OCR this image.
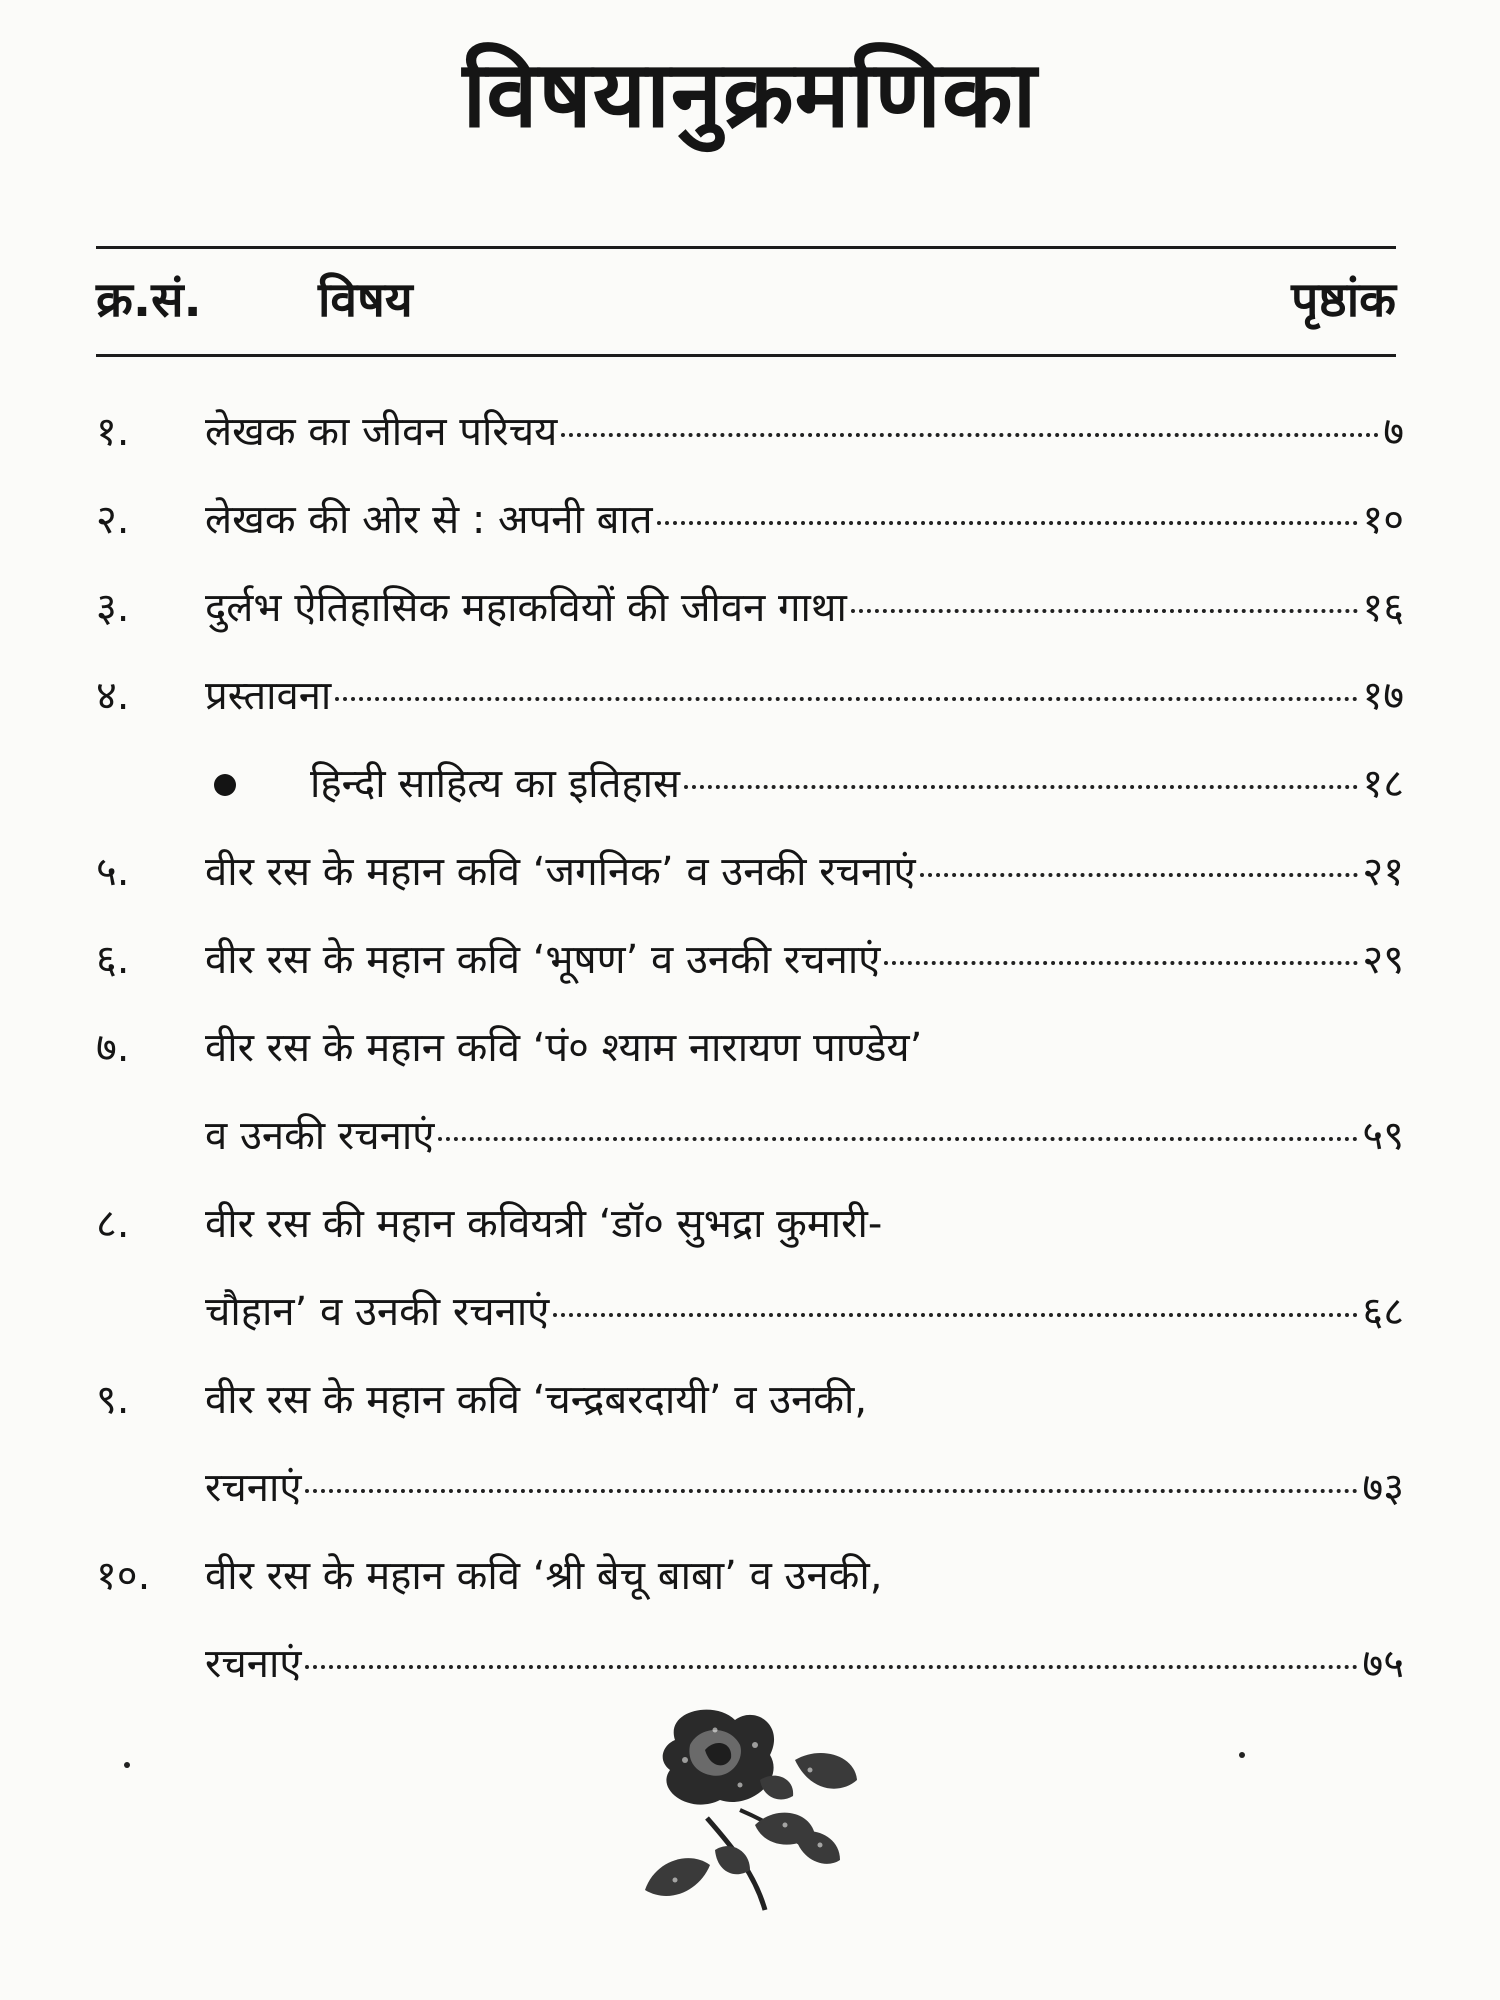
विषयानुक्रमणिका
क्र.सं. विषय	पृष्ठांक
१. लेखक का जीवन परिचय	७
२. लेखक की ओर से : अपनी बात	१०
३. दुर्लभ ऐतिहासिक महाकवियों की जीवन गाथा	१६
४. प्रस्तावना	१७
हिन्दी साहित्य का इतिहास	१८
५. वीर रस के महान कवि ‘जगनिक’ व उनकी रचनाएं	२१
६. वीर रस के महान कवि ‘भूषण’ व उनकी रचनाएं	२९
७. वीर रस के महान कवि ‘पं० श्याम नारायण पाण्डेय’
व उनकी रचनाएं	५९
८. वीर रस की महान कवियत्री ‘डॉ० सुभद्रा कुमारी-
चौहान’ व उनकी रचनाएं	६८
९. वीर रस के महान कवि ‘चन्द्रबरदायी’ व उनकी,
रचनाएं	७३
१०. वीर रस के महान कवि ‘श्री बेचू बाबा’ व उनकी,
रचनाएं	७५
